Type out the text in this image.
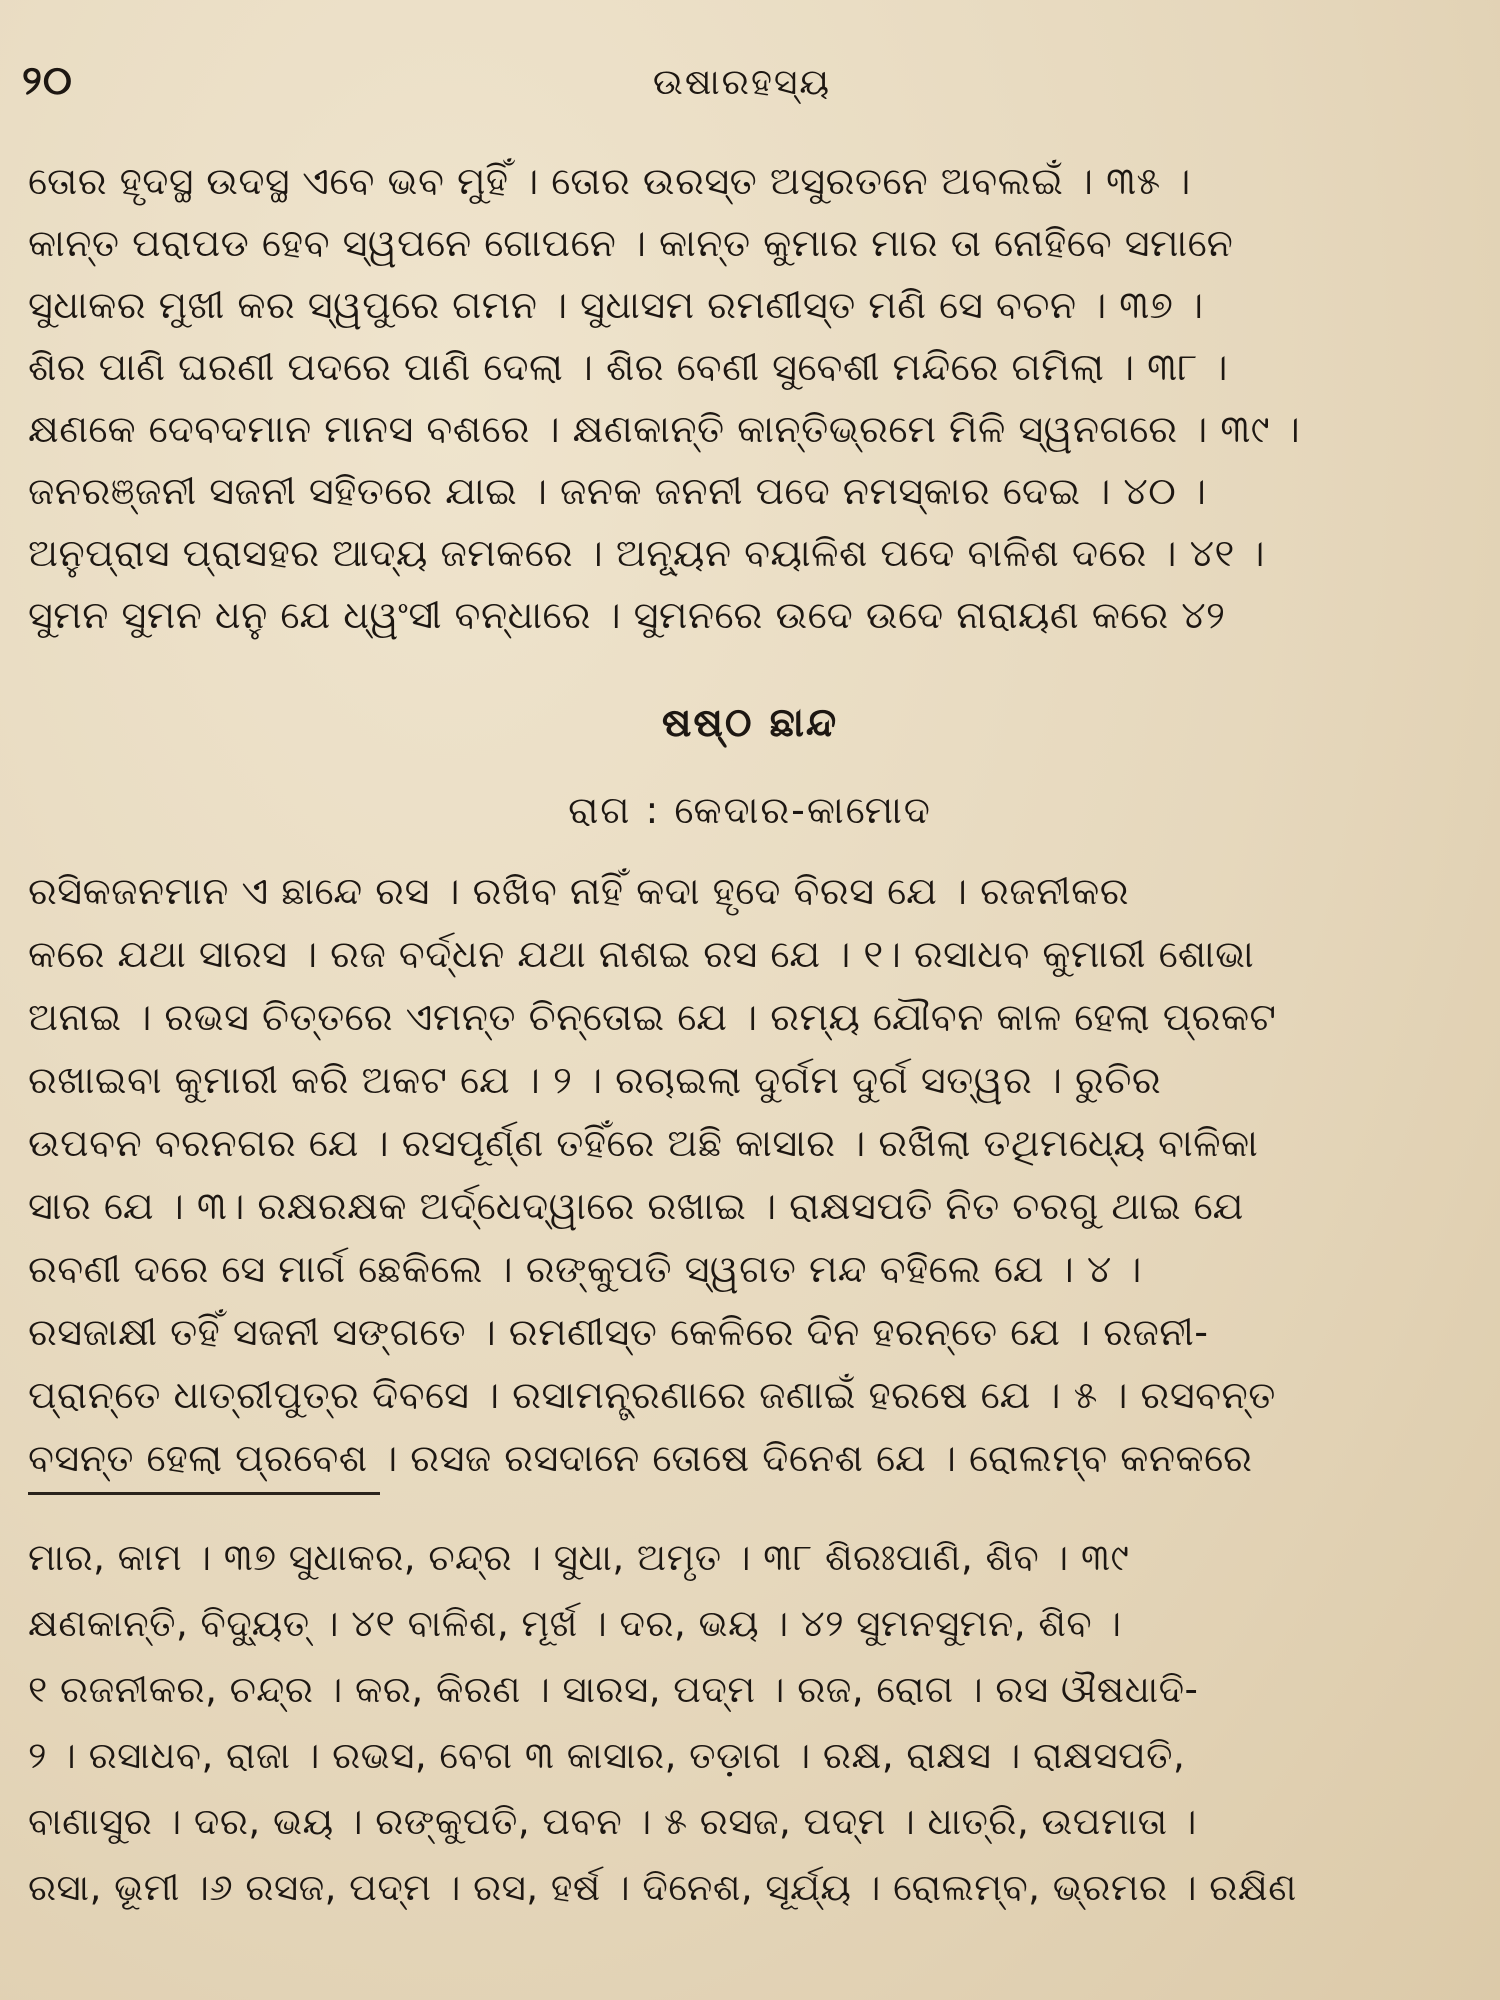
୨୦	ଉଷାରହସ୍ୟ
ତୋର ହୃଦସ୍ଥ ଉଦସ୍ଥ ଏବେ ଭବ ମୁହିଁ । ତୋର ଉରସ୍ତ ଅସୁରତନେ ଅବଲଇଁ । ୩୫ ।
କାନ୍ତ ପରାପଡ ହେବ ସ୍ୱପନେ ଗୋପନେ । କାନ୍ତ କୁମାର ମାର ତା ନୋହିବେ ସମାନେ
ସୁଧାକର ମୁଖୀ କର ସ୍ୱପୁରେ ଗମନ । ସୁଧାସମ ରମଣୀସ୍ତ ମଣି ସେ ବଚନ । ୩୭ ।
ଶିର ପାଣି ଘରଣୀ ପଦରେ ପାଣି ଦେଲା । ଶିର ବେଣୀ ସୁବେଶୀ ମନ୍ଦିରେ ଗମିଲା । ୩୮ ।
କ୍ଷଣକେ ଦେବଦମାନ ମାନସ ବଶରେ । କ୍ଷଣକାନ୍ତି କାନ୍ତିଭ୍ରମେ ମିଳି ସ୍ୱନଗରେ । ୩୯ ।
ଜନରଞ୍ଜନୀ ସଜନୀ ସହିତରେ ଯାଇ । ଜନକ ଜନନୀ ପଦେ ନମସ୍କାର ଦେଇ । ୪୦ ।
ଅନୁପ୍ରାସ ପ୍ରାସହର ଆଦ୍ୟ ଜମକରେ । ଅନୂ୍ୟନ ବୟାଳିଶ ପଦେ ବାଳିଶ ଦରେ । ୪୧ ।
ସୁମନ ସୁମନ ଧନୁ ଯେ ଧ୍ୱଂସୀ ବନ୍ଧାରେ । ସୁମନରେ ଉଦେ ଉଦେ ନାରାୟଣ କରେ ୪୨
ଷଷ୍ଠ ଛାନ୍ଦ
ରାଗ : କେଦାର-କାମୋଦ
ରସିକଜନମାନ ଏ ଛାନ୍ଦେ ରସ । ରଖିବ ନାହିଁ କଦା ହୃଦେ ବିରସ ଯେ । ରଜନୀକର
କରେ ଯଥା ସାରସ । ରଜ ବର୍ଦ୍ଧନ ଯଥା ନାଶଇ ରସ ଯେ । ୧। ରସାଧବ କୁମାରୀ ଶୋଭା
ଅନାଇ । ରଭସ ଚିତ୍ତରେ ଏମନ୍ତ ଚିନ୍ତୋଇ ଯେ । ରମ୍ୟ ଯୌବନ କାଳ ହେଲା ପ୍ରକଟ
ରଖାଇବା କୁମାରୀ କରି ଅକଟ ଯେ । ୨ । ରଚାଇଲା ଦୁର୍ଗମ ଦୁର୍ଗ ସତ୍ୱର । ରୁଚିର
ଉପବନ ବରନଗର ଯେ । ରସପୂର୍ଣ୍ଣ ତହିଁରେ ଅଛି କାସାର । ରଖିଲା ତଥିମଧ୍ୟେ ବାଳିକା
ସାର ଯେ । ୩। ରକ୍ଷରକ୍ଷକ ଅର୍ଦ୍ଧେଦ୍ୱାରେ ରଖାଇ । ରାକ୍ଷସପତି ନିତ ଚରଗୁ ଥାଇ ଯେ
ରବଣୀ ଦରେ ସେ ମାର୍ଗ ଛେକିଲେ । ରଙ୍କୁପତି ସ୍ୱଗତ ମନ୍ଦ ବହିଲେ ଯେ । ୪ ।
ରସଜାକ୍ଷୀ ତହିଁ ସଜନୀ ସଙ୍ଗତେ । ରମଣୀସ୍ତ କେଳିରେ ଦିନ ହରନ୍ତେ ଯେ । ରଜନୀ-
ପ୍ରାନ୍ତେ ଧାତ୍ରୀପୁତ୍ର ଦିବସେ । ରସାମନ୍ତ୍ରଣାରେ ଜଣାଇଁ ହରଷେ ଯେ । ୫ । ରସବନ୍ତ
ବସନ୍ତ ହେଲା ପ୍ରବେଶ । ରସଜ ରସଦାନେ ତୋଷେ ଦିନେଶ ଯେ । ରୋଲମ୍ବ କନକରେ
ମାର, କାମ । ୩୭ ସୁଧାକର, ଚନ୍ଦ୍ର । ସୁଧା, ଅମୃତ । ୩୮ ଶିରଃପାଣି, ଶିବ । ୩୯
କ୍ଷଣକାନ୍ତି, ବିଦ୍ୟୁତ୍ । ୪୧ ବାଳିଶ, ମୂର୍ଖ । ଦର, ଭୟ । ୪୨ ସୁମନସୁମନ, ଶିବ ।
୧ ରଜନୀକର, ଚନ୍ଦ୍ର । କର, କିରଣ । ସାରସ, ପଦ୍ମ । ରଜ, ରୋଗ । ରସ ଔଷଧାଦି-
୨ । ରସାଧବ, ରାଜା । ରଭସ, ବେଗ ୩ କାସାର, ତଡ଼ାଗ । ରକ୍ଷ, ରାକ୍ଷସ । ରାକ୍ଷସପତି,
ବାଣାସୁର । ଦର, ଭୟ । ରଙ୍କୁପତି, ପବନ । ୫ ରସଜ, ପଦ୍ମ । ଧାତ୍ରି, ଉପମାତା ।
ରସା, ଭୂମୀ ।୬ ରସଜ, ପଦ୍ମ । ରସ, ହର୍ଷ । ଦିନେଶ, ସୂର୍ଯ୍ୟ । ରୋଲମ୍ବ, ଭ୍ରମର । ରକ୍ଷିଣ
